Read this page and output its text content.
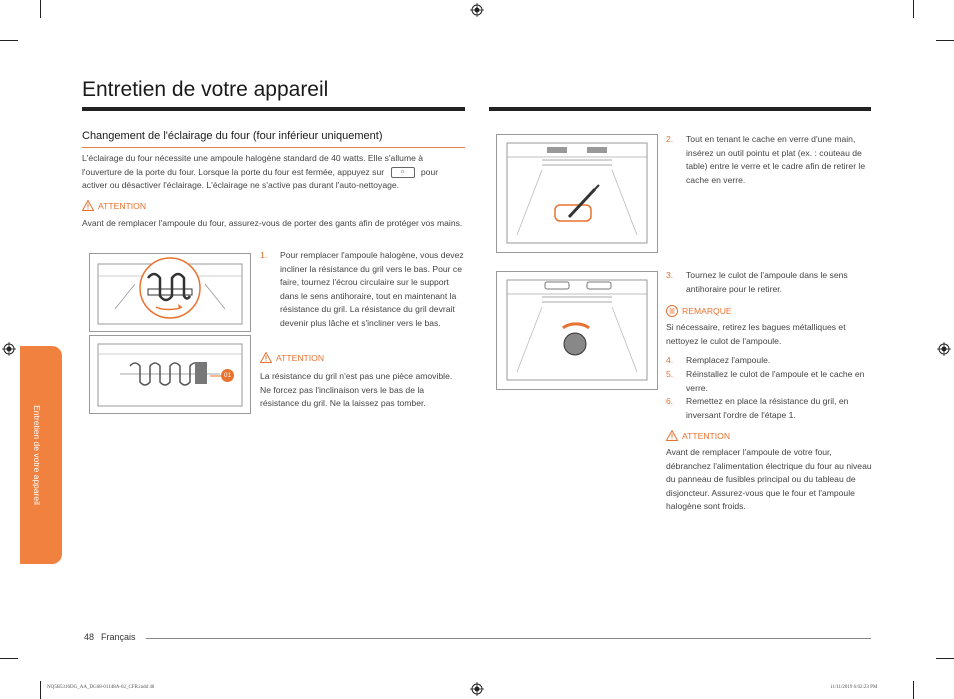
Entretien de votre appareil
Entretien de votre appareil
Changement de l'éclairage du four (four inférieur uniquement)
L'éclairage du four nécessite une ampoule halogène standard de 40 watts. Elle s'allume à l'ouverture de la porte du four. Lorsque la porte du four est fermée, appuyez sur	☼ pour activer ou désactiver l'éclairage. L'éclairage ne s'active pas durant l'auto-nettoyage.
ATTENTION
Avant de remplacer l'ampoule du four, assurez-vous de porter des gants afin de protéger vos mains.
01
1.	Pour remplacer l'ampoule halogène, vous devez incliner la résistance du gril vers le bas. Pour ce faire, tournez l'écrou circulaire sur le support dans le sens antihoraire, tout en maintenant la résistance du gril. La résistance du gril devrait devenir plus lâche et s'incliner vers le bas.
ATTENTION
La résistance du gril n'est pas une pièce amovible. Ne forcez pas l'inclinaison vers le bas de la résistance du gril. Ne la laissez pas tomber.
2.	Tout en tenant le cache en verre d'une main, insérez un outil pointu et plat (ex. : couteau de table) entre le verre et le cadre afin de retirer le cache en verre.
3.	Tournez le culot de l'ampoule dans le sens antihoraire pour le retirer.
REMARQUE
Si nécessaire, retirez les bagues métalliques et nettoyez le culot de l'ampoule.
4.	Remplacez l'ampoule.
5.	Réinstallez le culot de l'ampoule et le cache en verre.
6.	Remettez en place la résistance du gril, en inversant l'ordre de l'étape 1.
ATTENTION
Avant de remplacer l'ampoule de votre four, débranchez l'alimentation électrique du four au niveau du panneau de fusibles principal ou du tableau de disjoncteur. Assurez-vous que le four et l'ampoule halogène sont froids.
48 Français
NQ5B5316DG_AA_DG68-01148A-02_CFR.indd 48	11/11/2019 6:02:23 PM
